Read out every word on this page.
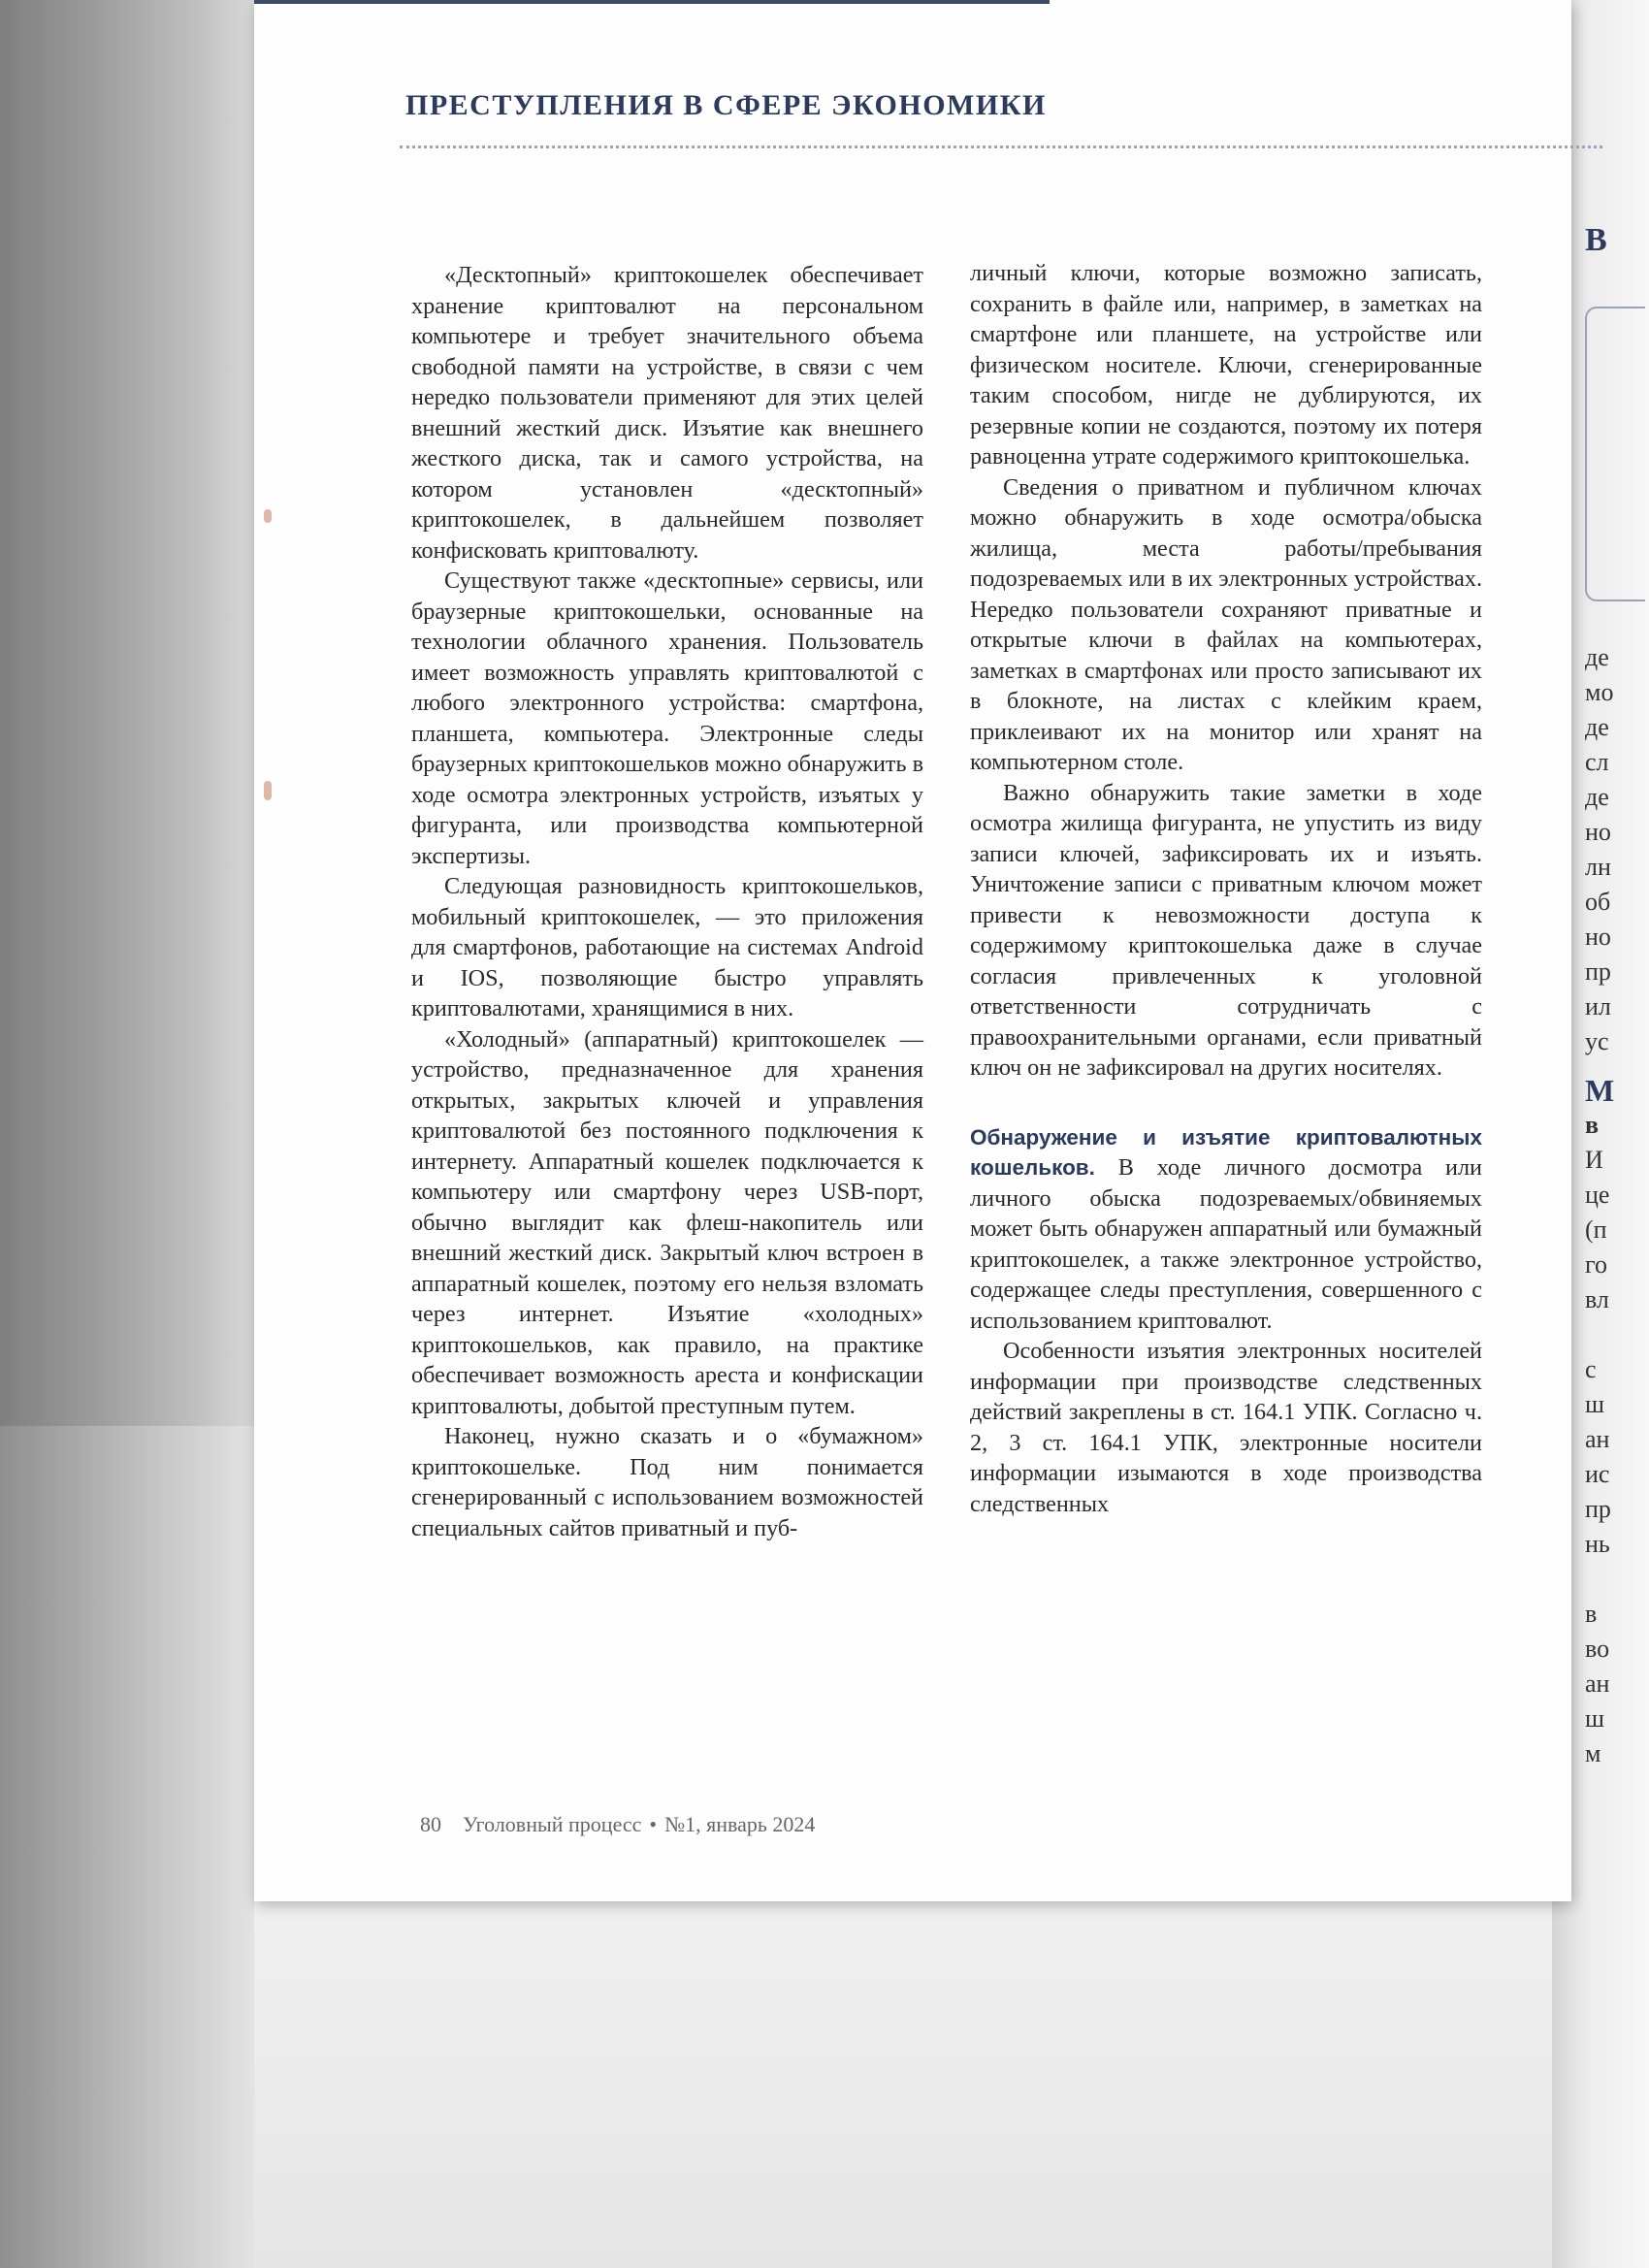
В
де
мо
де
сл
де
но
лн
об
но
пр
ил
ус
М
в
И
це
(п
го
вл

с
ш
ан
ис
пр
нь

в
во
ан
ш
м
ПРЕСТУПЛЕНИЯ В СФЕРЕ ЭКОНОМИКИ

«Десктопный» криптокошелек обеспечивает хранение криптовалют на персональном компьютере и требует значительного объема свободной памяти на устройстве, в связи с чем нередко пользователи применяют для этих целей внешний жесткий диск. Изъятие как внешнего жесткого диска, так и самого устройства, на котором установлен «десктопный» криптокошелек, в дальнейшем позволяет конфисковать криптовалюту.

Существуют также «десктопные» сервисы, или браузерные криптокошельки, основанные на технологии облачного хранения. Пользователь имеет возможность управлять криптовалютой с любого электронного устройства: смартфона, планшета, компьютера. Электронные следы браузерных криптокошельков можно обнаружить в ходе осмотра электронных устройств, изъятых у фигуранта, или производства компьютерной экспертизы.

Следующая разновидность криптокошельков, мобильный криптокошелек, — это приложения для смартфонов, работающие на системах Android и IOS, позволяющие быстро управлять криптовалютами, хранящимися в них.

«Холодный» (аппаратный) криптокошелек — устройство, предназначенное для хранения открытых, закрытых ключей и управления криптовалютой без постоянного подключения к интернету. Аппаратный кошелек подключается к компьютеру или смартфону через USB-порт, обычно выглядит как флеш-накопитель или внешний жесткий диск. Закрытый ключ встроен в аппаратный кошелек, поэтому его нельзя взломать через интернет. Изъятие «холодных» криптокошельков, как правило, на практике обеспечивает возможность ареста и конфискации криптовалюты, добытой преступным путем.

Наконец, нужно сказать и о «бумажном» криптокошельке. Под ним понимается сгенерированный с использованием возможностей специальных сайтов приватный и пуб-

личный ключи, которые возможно записать, сохранить в файле или, например, в заметках на смартфоне или планшете, на устройстве или физическом носителе. Ключи, сгенерированные таким способом, нигде не дублируются, их резервные копии не создаются, поэтому их потеря равноценна утрате содержимого криптокошелька.

Сведения о приватном и публичном ключах можно обнаружить в ходе осмотра/обыска жилища, места работы/пребывания подозреваемых или в их электронных устройствах. Нередко пользователи сохраняют приватные и открытые ключи в файлах на компьютерах, заметках в смартфонах или просто записывают их в блокноте, на листах с клейким краем, приклеивают их на монитор или хранят на компьютерном столе.

Важно обнаружить такие заметки в ходе осмотра жилища фигуранта, не упустить из виду записи ключей, зафиксировать их и изъять. Уничтожение записи с приватным ключом может привести к невозможности доступа к содержимому криптокошелька даже в случае согласия привлеченных к уголовной ответственности сотрудничать с правоохранительными органами, если приватный ключ он не зафиксировал на других носителях.

Обнаружение и изъятие криптовалютных кошельков. В ходе личного досмотра или личного обыска подозреваемых/обвиняемых может быть обнаружен аппаратный или бумажный криптокошелек, а также электронное устройство, содержащее следы преступления, совершенного с использованием криптовалют.

Особенности изъятия электронных носителей информации при производстве следственных действий закреплены в ст. 164.1 УПК. Согласно ч. 2, 3 ст. 164.1 УПК, электронные носители информации изымаются в ходе производства следственных

80 Уголовный процесс • №1, январь 2024
